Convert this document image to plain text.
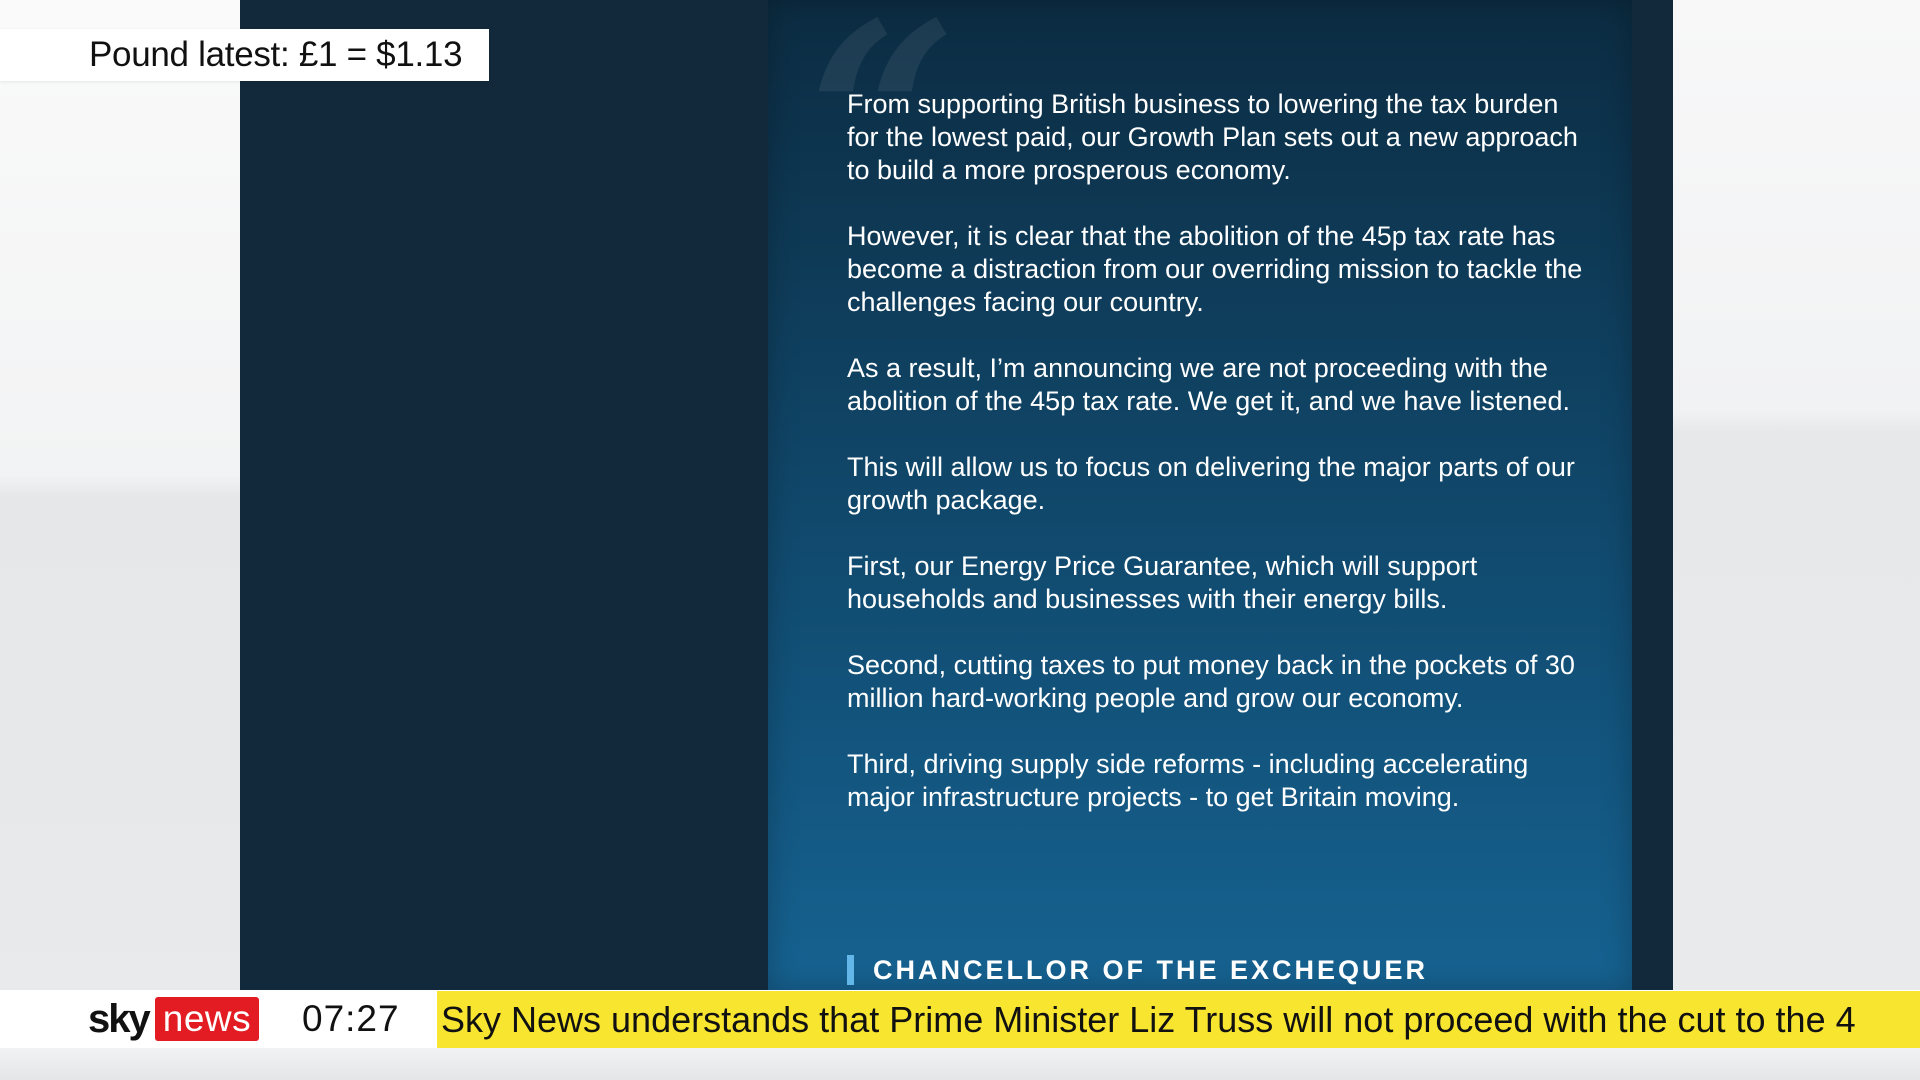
“

From supporting British business to lowering the tax burden for the lowest paid, our Growth Plan sets out a new approach to build a more prosperous economy.

However, it is clear that the abolition of the 45p tax rate has become a distraction from our overriding mission to tackle the challenges facing our country.

As a result, I’m announcing we are not proceeding with the abolition of the 45p tax rate. We get it, and we have listened.

This will allow us to focus on delivering the major parts of our growth package.

First, our Energy Price Guarantee, which will support households and businesses with their energy bills.

Second, cutting taxes to put money back in the pockets of 30 million hard-working people and grow our economy.

Third, driving supply side reforms - including accelerating major infrastructure projects - to get Britain moving.

CHANCELLOR OF THE EXCHEQUER
Pound latest: £1 = $1.13
sky news 07:27 Sky News understands that Prime Minister Liz Truss will not proceed with the cut to the 4
